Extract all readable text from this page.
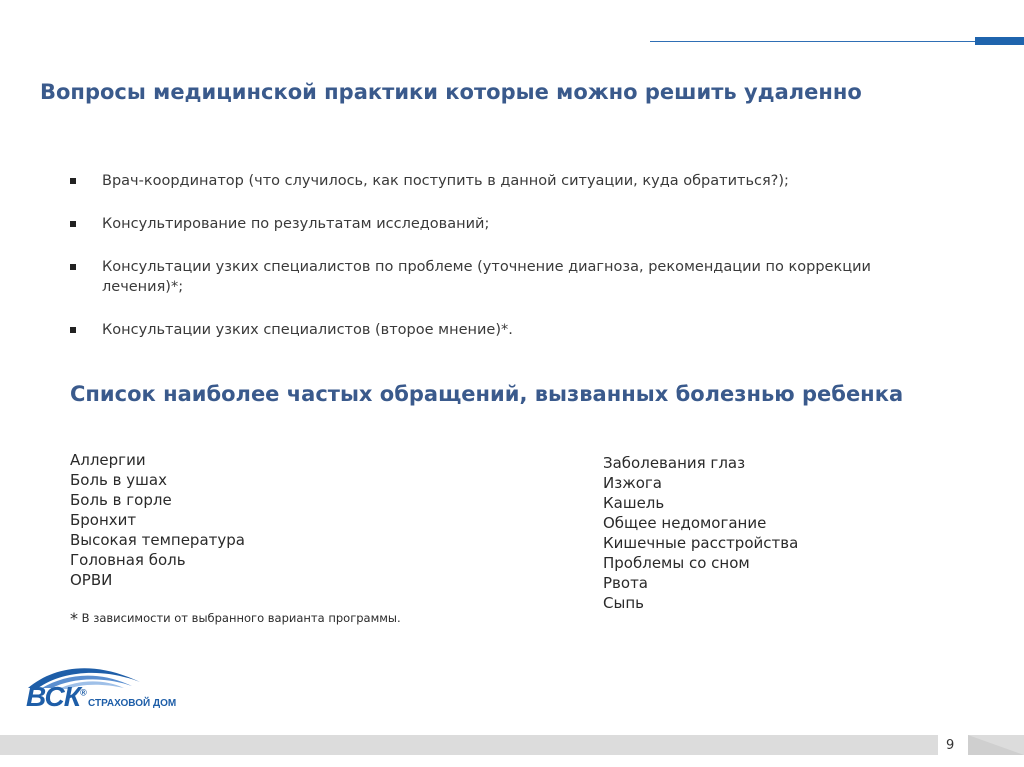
Вопросы медицинской практики которые можно решить удаленно
Врач-координатор (что случилось, как поступить в данной ситуации, куда обратиться?);
Консультирование по результатам исследований;
Консультации узких специалистов по проблеме (уточнение диагноза, рекомендации по коррекции лечения)*;
Консультации узких специалистов (второе мнение)*.
Список наиболее частых обращений, вызванных болезнью ребенка
Аллергии
Боль в ушах
Боль в горле
Бронхит
Высокая температура
Головная боль
ОРВИ
Заболевания глаз
Изжога
Кашель
Общее недомогание
Кишечные расстройства
Проблемы со сном
Рвота
Сыпь
* В зависимости от выбранного варианта программы.
ВСК®
СТРАХОВОЙ ДОМ
9
